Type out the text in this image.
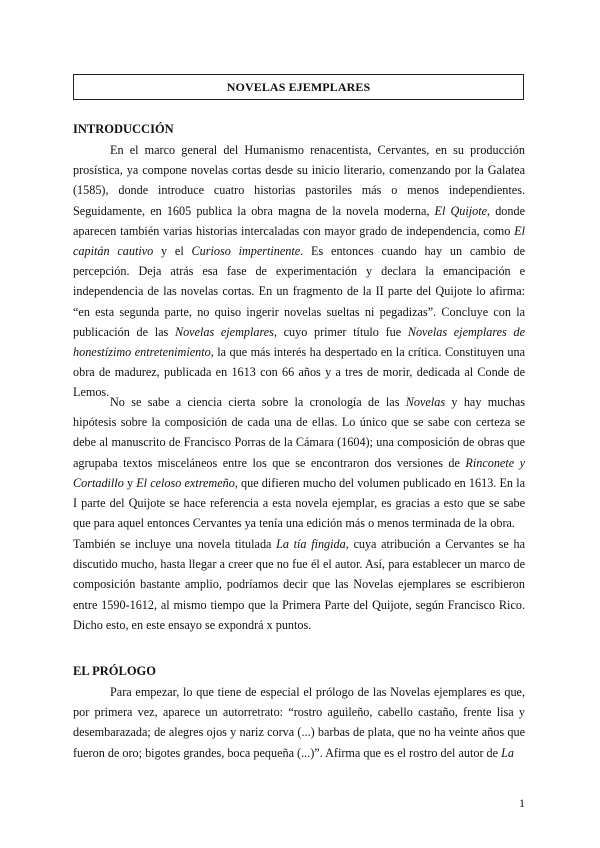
NOVELAS EJEMPLARES
INTRODUCCIÓN

En el marco general del Humanismo renacentista, Cervantes, en su producción prosística, ya compone novelas cortas desde su inicio literario, comenzando por la Galatea (1585), donde introduce cuatro historias pastoriles más o menos independientes. Seguidamente, en 1605 publica la obra magna de la novela moderna, El Quijote, donde aparecen también varias historias intercaladas con mayor grado de independencia, como El capitán cautivo y el Curioso impertinente. Es entonces cuando hay un cambio de percepción. Deja atrás esa fase de experimentación y declara la emancipación e independencia de las novelas cortas. En un fragmento de la II parte del Quijote lo afirma: “en esta segunda parte, no quiso ingerir novelas sueltas ni pegadizas”. Concluye con la publicación de las Novelas ejemplares, cuyo primer título fue Novelas ejemplares de honestízimo entretenimiento, la que más interés ha despertado en la crítica. Constituyen una obra de madurez, publicada en 1613 con 66 años y a tres de morir, dedicada al Conde de Lemos.

No se sabe a ciencia cierta sobre la cronología de las Novelas y hay muchas hipótesis sobre la composición de cada una de ellas. Lo único que se sabe con certeza se debe al manuscrito de Francisco Porras de la Cámara (1604); una composición de obras que agrupaba textos misceláneos entre los que se encontraron dos versiones de Rinconete y Cortadillo y El celoso extremeño, que difieren mucho del volumen publicado en 1613. En la I parte del Quijote se hace referencia a esta novela ejemplar, es gracias a esto que se sabe que para aquel entonces Cervantes ya tenía una edición más o menos terminada de la obra.

También se incluye una novela titulada La tía fingida, cuya atribución a Cervantes se ha discutido mucho, hasta llegar a creer que no fue él el autor. Así, para establecer un marco de composición bastante amplio, podríamos decir que las Novelas ejemplares se escribieron entre 1590-1612, al mismo tiempo que la Primera Parte del Quijote, según Francisco Rico. Dicho esto, en este ensayo se expondrá x puntos.

EL PRÓLOGO

Para empezar, lo que tiene de especial el prólogo de las Novelas ejemplares es que, por primera vez, aparece un autorretrato: “rostro aguileño, cabello castaño, frente lisa y desembarazada; de alegres ojos y nariz corva (...) barbas de plata, que no ha veinte años que fueron de oro; bigotes grandes, boca pequeña (...)”. Afirma que es el rostro del autor de La

1
